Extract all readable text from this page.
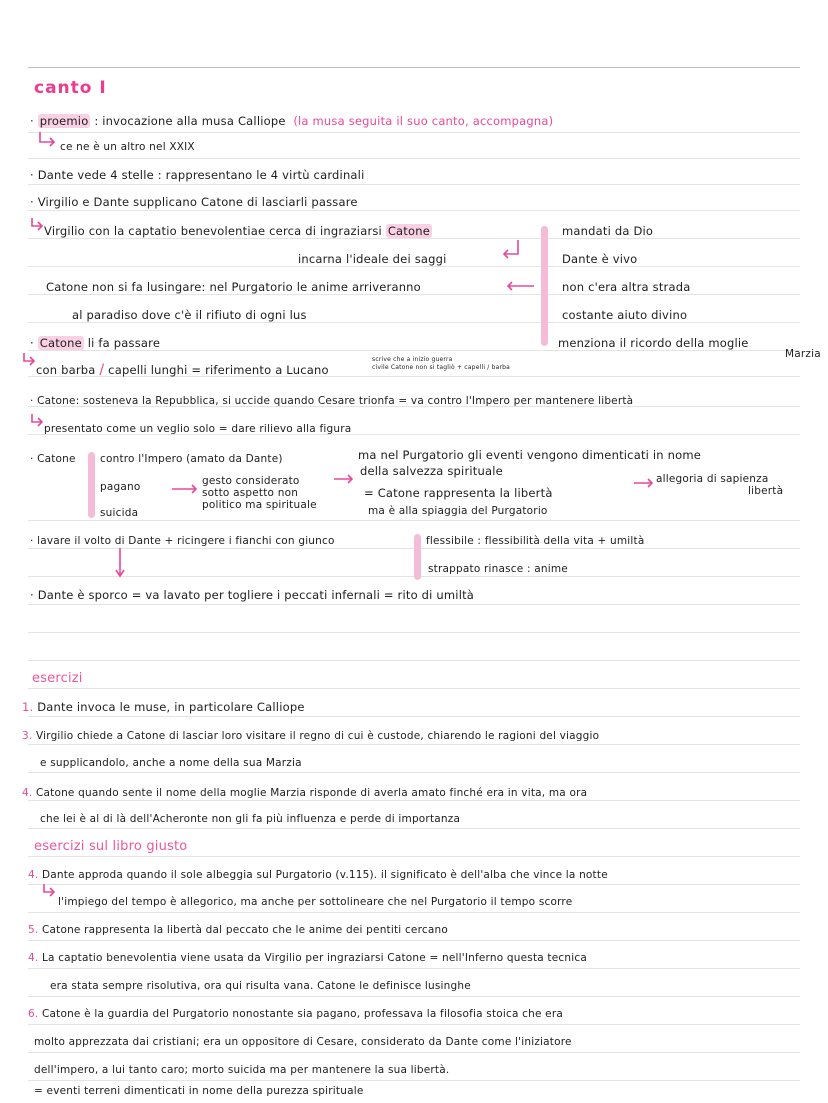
canto I
· proemio : invocazione alla musa Calliope (la musa seguita il suo canto, accompagna)
ce ne è un altro nel XXIX
· Dante vede 4 stelle : rappresentano le 4 virtù cardinali
· Virgilio e Dante supplicano Catone di lasciarli passare
Virgilio con la captatio benevolentiae cerca di ingraziarsi Catone
incarna l'ideale dei saggi
Catone non si fa lusingare: nel Purgatorio le anime arriveranno
al paradiso dove c'è il rifiuto di ogni lus
mandati da Dio
Dante è vivo
non c'era altra strada
costante aiuto divino
menziona il ricordo della moglie
Marzia
· Catone li fa passare
con barba / capelli lunghi = riferimento a Lucano
scrive che a inizio guerra
civile Catone non si tagliò + capelli / barba
· Catone: sosteneva la Repubblica, si uccide quando Cesare trionfa = va contro l'Impero per mantenere libertà
presentato come un veglio solo = dare rilievo alla figura
· Catone contro l'Impero (amato da Dante)
pagano
suicida
gesto considerato
sotto aspetto non
politico ma spirituale
ma nel Purgatorio gli eventi vengono dimenticati in nome
della salvezza spirituale
= Catone rappresenta la libertà
ma è alla spiaggia del Purgatorio
allegoria di sapienza
libertà
· lavare il volto di Dante + ricingere i fianchi con giunco	flessibile : flessibilità della vita + umiltà
strappato rinasce : anime
· Dante è sporco = va lavato per togliere i peccati infernali = rito di umiltà
esercizi
1. Dante invoca le muse, in particolare Calliope
3. Virgilio chiede a Catone di lasciar loro visitare il regno di cui è custode, chiarendo le ragioni del viaggio
e supplicandolo, anche a nome della sua Marzia
4. Catone quando sente il nome della moglie Marzia risponde di averla amato finché era in vita, ma ora
che lei è al di là dell'Acheronte non gli fa più influenza e perde di importanza
esercizi sul libro giusto
4. Dante approda quando il sole albeggia sul Purgatorio (v.115). il significato è dell'alba che vince la notte
l'impiego del tempo è allegorico, ma anche per sottolineare che nel Purgatorio il tempo scorre
5. Catone rappresenta la libertà dal peccato che le anime dei pentiti cercano
4. La captatio benevolentia viene usata da Virgilio per ingraziarsi Catone = nell'Inferno questa tecnica
era stata sempre risolutiva, ora qui risulta vana. Catone le definisce lusinghe
6. Catone è la guardia del Purgatorio nonostante sia pagano, professava la filosofia stoica che era
molto apprezzata dai cristiani; era un oppositore di Cesare, considerato da Dante come l'iniziatore
dell'impero, a lui tanto caro; morto suicida ma per mantenere la sua libertà.
= eventi terreni dimenticati in nome della purezza spirituale
